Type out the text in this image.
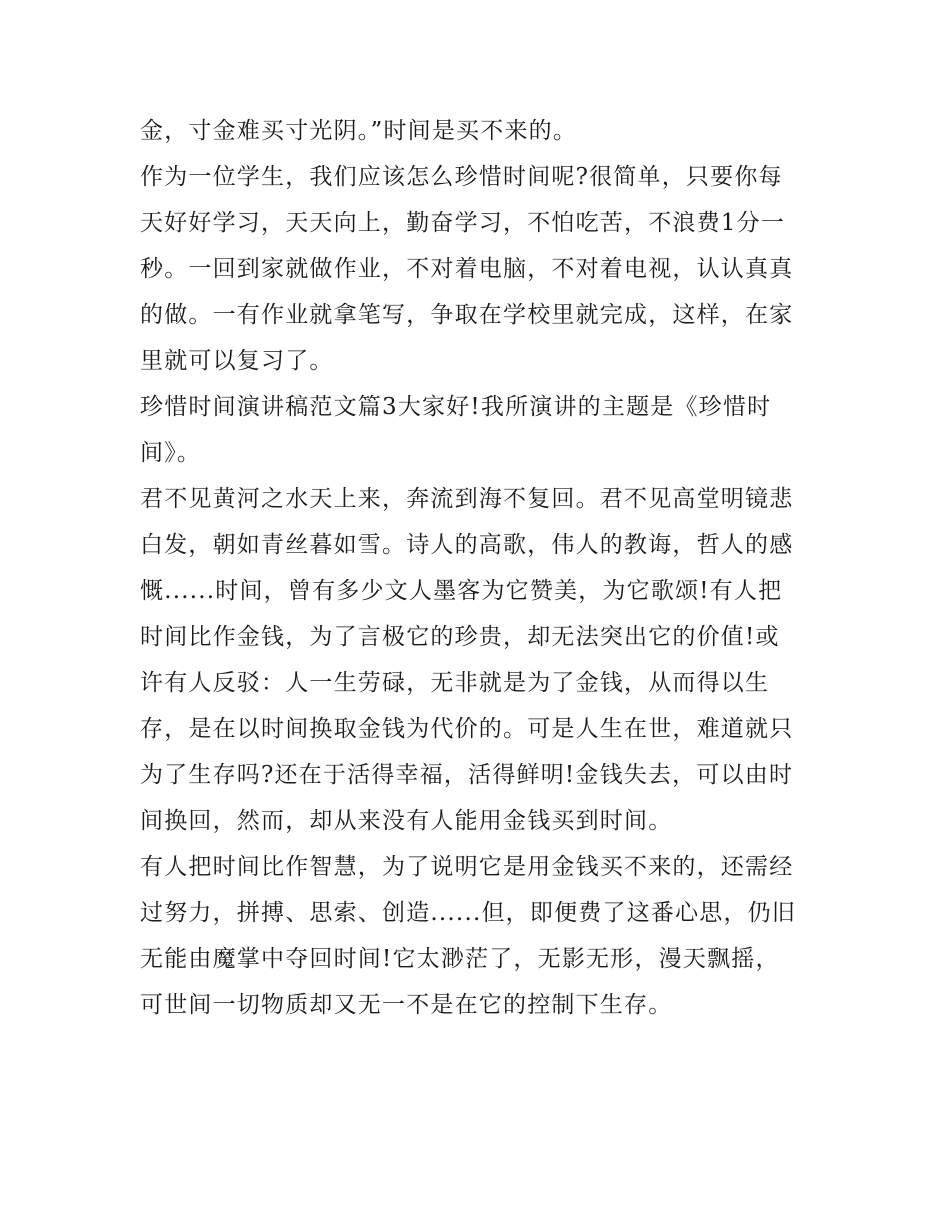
金，寸金难买寸光阴。”时间是买不来的。
作为一位学生，我们应该怎么珍惜时间呢?很简单，只要你每
天好好学习，天天向上，勤奋学习，不怕吃苦，不浪费1分一
秒。一回到家就做作业，不对着电脑，不对着电视，认认真真
的做。一有作业就拿笔写，争取在学校里就完成，这样，在家
里就可以复习了。
珍惜时间演讲稿范文篇3大家好!我所演讲的主题是《珍惜时
间》。
君不见黄河之水天上来，奔流到海不复回。君不见高堂明镜悲
白发，朝如青丝暮如雪。诗人的高歌，伟人的教诲，哲人的感
慨......时间，曾有多少文人墨客为它赞美，为它歌颂!有人把
时间比作金钱，为了言极它的珍贵，却无法突出它的价值!或
许有人反驳：人一生劳碌，无非就是为了金钱，从而得以生
存，是在以时间换取金钱为代价的。可是人生在世，难道就只
为了生存吗?还在于活得幸福，活得鲜明!金钱失去，可以由时
间换回，然而，却从来没有人能用金钱买到时间。
有人把时间比作智慧，为了说明它是用金钱买不来的，还需经
过努力，拼搏、思索、创造......但，即便费了这番心思，仍旧
无能由魔掌中夺回时间!它太渺茫了，无影无形，漫天飘摇，
可世间一切物质却又无一不是在它的控制下生存。
